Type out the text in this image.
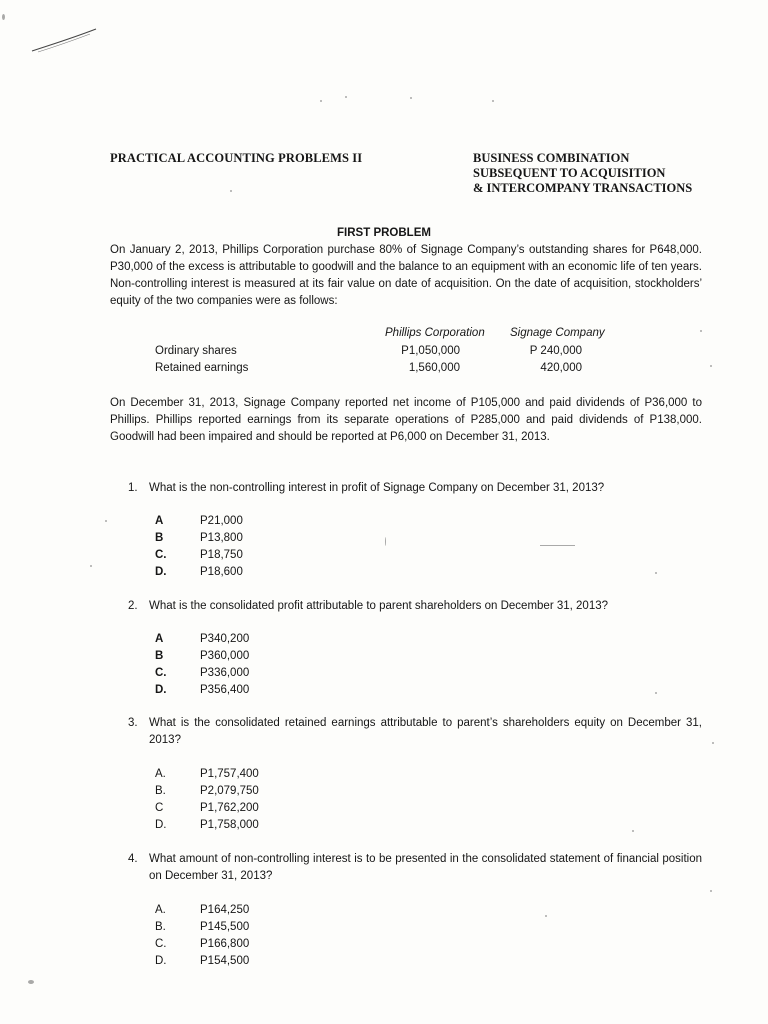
PRACTICAL ACCOUNTING PROBLEMS II	BUSINESS COMBINATION
SUBSEQUENT TO ACQUISITION
& INTERCOMPANY TRANSACTIONS
FIRST PROBLEM
On January 2, 2013, Phillips Corporation purchase 80% of Signage Company’s outstanding shares for P648,000. P30,000 of the excess is attributable to goodwill and the balance to an equipment with an economic life of ten years. Non-controlling interest is measured at its fair value on date of acquisition. On the date of acquisition, stockholders’ equity of the two companies were as follows:
Phillips Corporation Signage Company
Ordinary shares	P1,050,000	P 240,000
Retained earnings	1,560,000	420,000
On December 31, 2013, Signage Company reported net income of P105,000 and paid dividends of P36,000 to Phillips. Phillips reported earnings from its separate operations of P285,000 and paid dividends of P138,000. Goodwill had been impaired and should be reported at P6,000 on December 31, 2013.
1. What is the non-controlling interest in profit of Signage Company on December 31, 2013?
A	P21,000
B	P13,800
C.	P18,750
D.	P18,600
2. What is the consolidated profit attributable to parent shareholders on December 31, 2013?
A	P340,200
B	P360,000
C.	P336,000
D.	P356,400
3. What is the consolidated retained earnings attributable to parent’s shareholders equity on December 31, 2013?
A.	P1,757,400
B.	P2,079,750
C	P1,762,200
D.	P1,758,000
4. What amount of non-controlling interest is to be presented in the consolidated statement of financial position on December 31, 2013?
A.	P164,250
B.	P145,500
C.	P166,800
D.	P154,500
